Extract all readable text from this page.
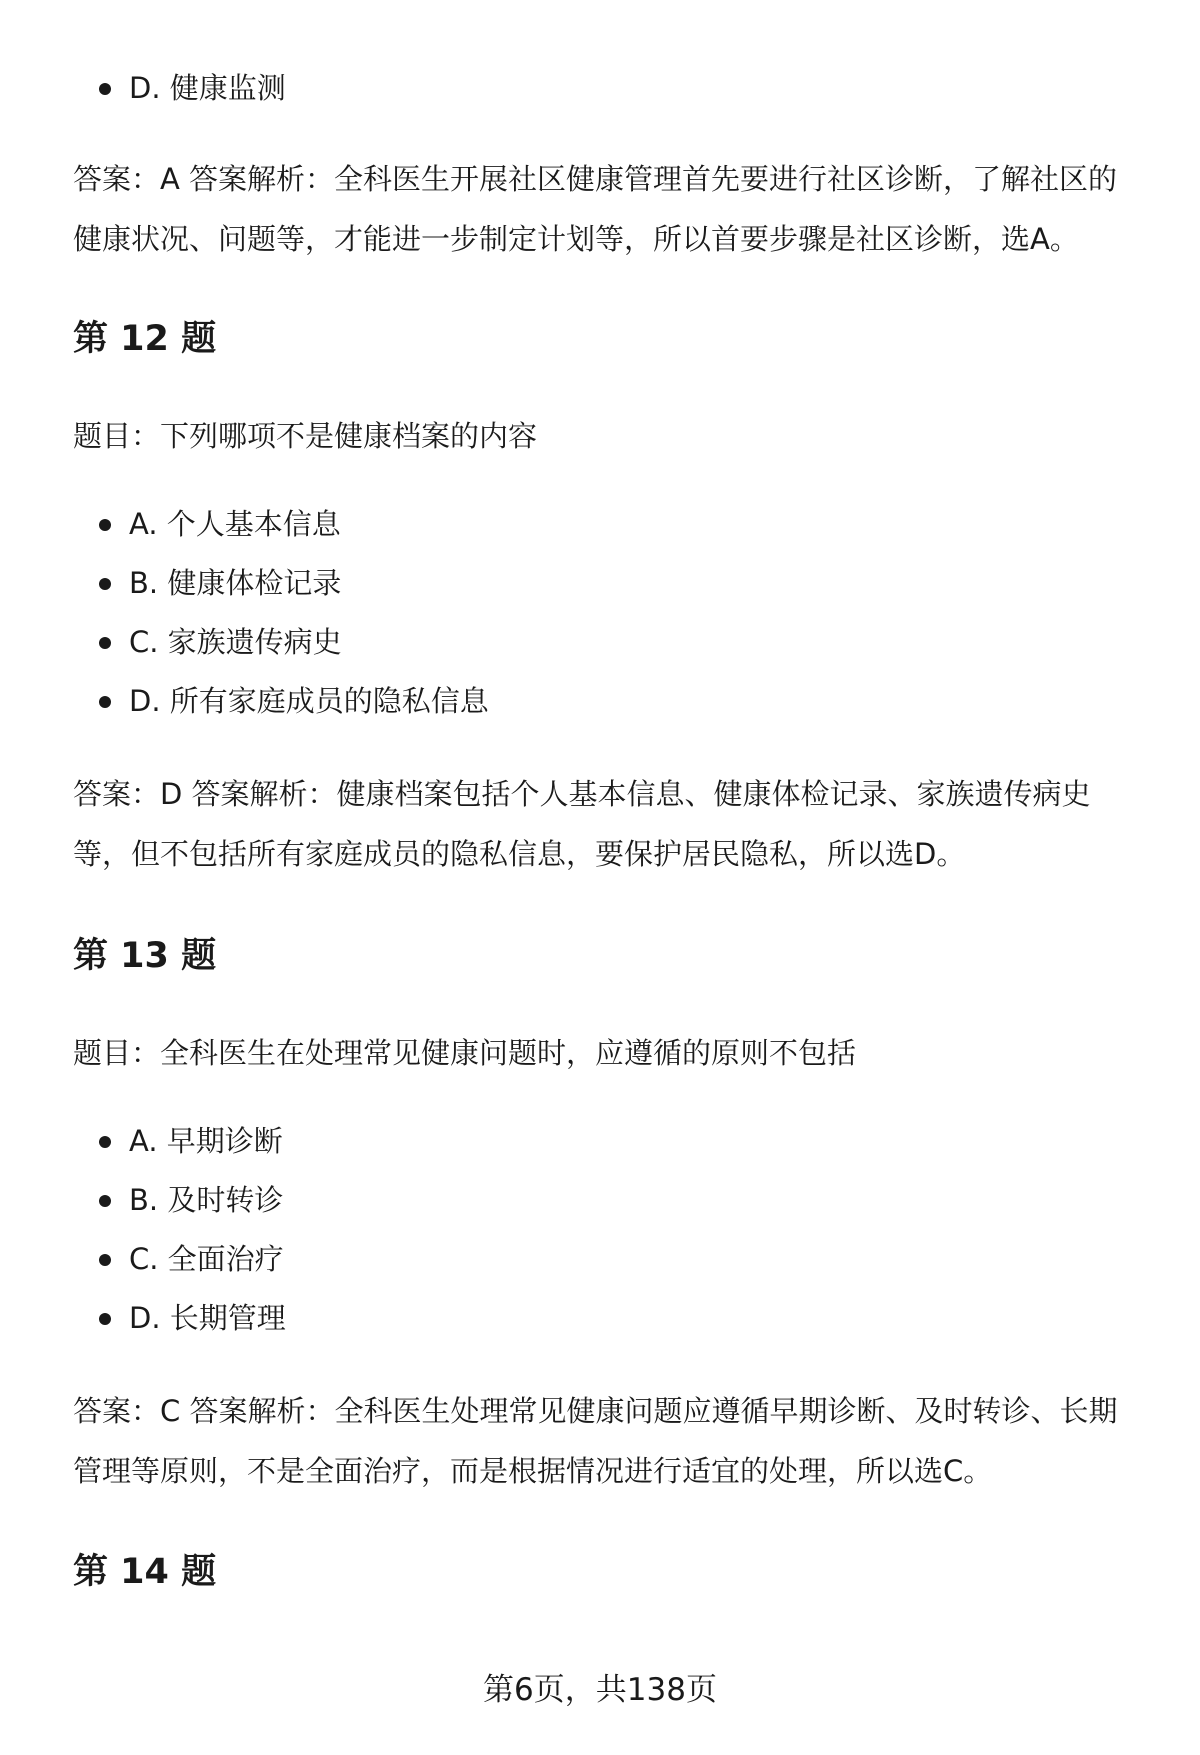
D. 健康监测

答案：A 答案解析：全科医生开展社区健康管理首先要进行社区诊断，了解社区的健康状况、问题等，才能进一步制定计划等，所以首要步骤是社区诊断，选A。

第 12 题

题目：下列哪项不是健康档案的内容

A. 个人基本信息
B. 健康体检记录
C. 家族遗传病史
D. 所有家庭成员的隐私信息

答案：D 答案解析：健康档案包括个人基本信息、健康体检记录、家族遗传病史等，但不包括所有家庭成员的隐私信息，要保护居民隐私，所以选D。

第 13 题

题目：全科医生在处理常见健康问题时，应遵循的原则不包括

A. 早期诊断
B. 及时转诊
C. 全面治疗
D. 长期管理

答案：C 答案解析：全科医生处理常见健康问题应遵循早期诊断、及时转诊、长期管理等原则，不是全面治疗，而是根据情况进行适宜的处理，所以选C。

第 14 题
第6页，共138页
